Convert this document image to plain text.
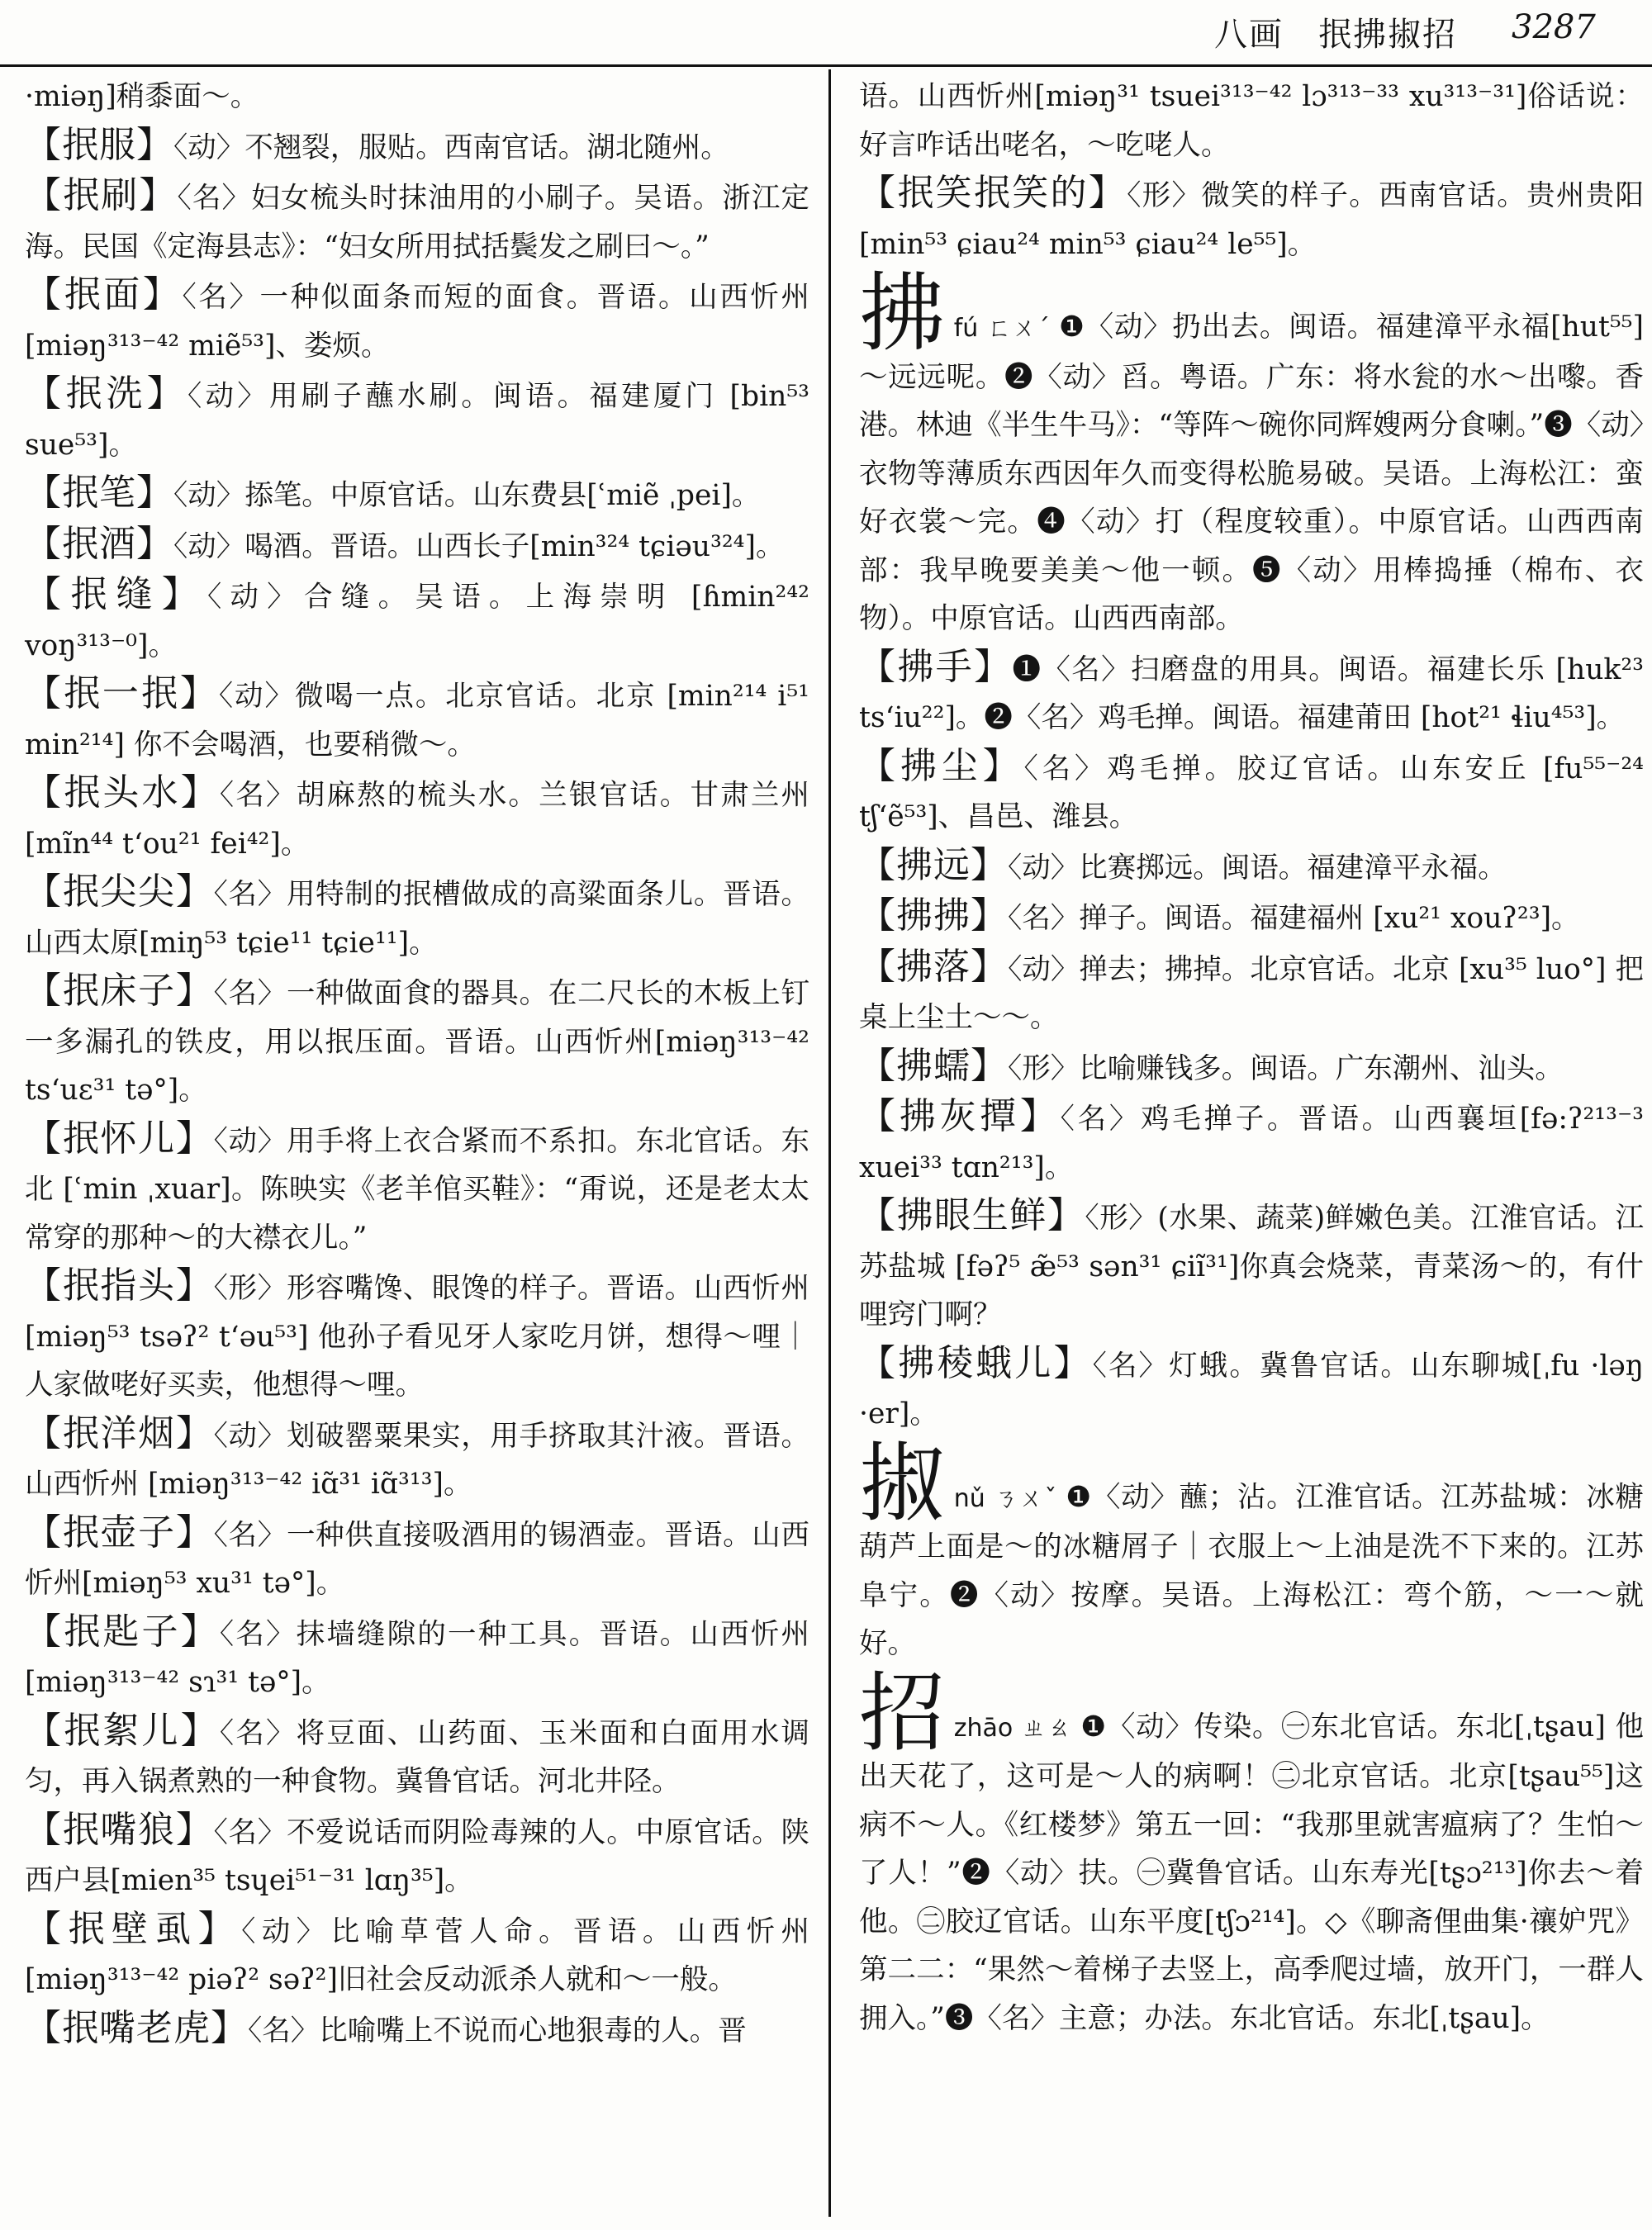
八画　抿拂掓招 3287

·miəŋ]稍黍面～。

【抿服】〈动〉不翘裂，服贴。西南官话。湖北随州。

【抿刷】〈名〉妇女梳头时抹油用的小刷子。吴语。浙江定海。民国《定海县志》：“妇女所用拭括鬓发之刷曰～。”

【抿面】〈名〉一种似面条而短的面食。晋语。山西忻州[miəŋ³¹³⁻⁴² miẽ⁵³]、娄烦。

【抿洗】〈动〉用刷子蘸水刷。闽语。福建厦门 [bin⁵³ sue⁵³]。

【抿笔】〈动〉掭笔。中原官话。山东费县[ʿmiẽ ˌpei]。

【抿酒】〈动〉喝酒。晋语。山西长子[min³²⁴ tɕiəu³²⁴]。

【抿缝】〈动〉合缝。吴语。上海崇明 [ɦmin²⁴² voŋ³¹³⁻⁰]。

【抿一抿】〈动〉微喝一点。北京官话。北京 [min²¹⁴ i⁵¹ min²¹⁴] 你不会喝酒，也要稍微～。

【抿头水】〈名〉胡麻熬的梳头水。兰银官话。甘肃兰州 [mĩn⁴⁴ tʻou²¹ fei⁴²]。

【抿尖尖】〈名〉用特制的抿槽做成的高粱面条儿。晋语。山西太原[miŋ⁵³ tɕie¹¹ tɕie¹¹]。

【抿床子】〈名〉一种做面食的器具。在二尺长的木板上钉一多漏孔的铁皮，用以抿压面。晋语。山西忻州[miəŋ³¹³⁻⁴² tsʻuɛ³¹ tə°]。

【抿怀儿】〈动〉用手将上衣合紧而不系扣。东北官话。东北 [ʿmin ˌxuar]。陈映实《老羊倌买鞋》：“甭说，还是老太太常穿的那种～的大襟衣儿。”

【抿指头】〈形〉形容嘴馋、眼馋的样子。晋语。山西忻州 [miəŋ⁵³ tsəʔ² tʻəu⁵³] 他孙子看见牙人家吃月饼，想得～哩｜人家做咾好买卖，他想得～哩。

【抿洋烟】〈动〉划破罂粟果实，用手挤取其汁液。晋语。山西忻州 [miəŋ³¹³⁻⁴² iɑ̃³¹ iɑ̃³¹³]。

【抿壶子】〈名〉一种供直接吸酒用的锡酒壶。晋语。山西忻州[miəŋ⁵³ xu³¹ tə°]。

【抿匙子】〈名〉抹墙缝隙的一种工具。晋语。山西忻州[miəŋ³¹³⁻⁴² sɿ³¹ tə°]。

【抿絮儿】〈名〉将豆面、山药面、玉米面和白面用水调匀，再入锅煮熟的一种食物。冀鲁官话。河北井陉。

【抿嘴狼】〈名〉不爱说话而阴险毒辣的人。中原官话。陕西户县[mien³⁵ tsɥei⁵¹⁻³¹ lɑŋ³⁵]。

【抿壁虱】〈动〉比喻草菅人命。晋语。山西忻州[miəŋ³¹³⁻⁴² piəʔ² səʔ²]旧社会反动派杀人就和～一般。

【抿嘴老虎】〈名〉比喻嘴上不说而心地狠毒的人。晋

语。山西忻州[miəŋ³¹ tsuei³¹³⁻⁴² lɔ³¹³⁻³³ xu³¹³⁻³¹]俗话说：好言咋话出咾名，～吃咾人。

【抿笑抿笑的】〈形〉微笑的样子。西南官话。贵州贵阳[min⁵³ ɕiau²⁴ min⁵³ ɕiau²⁴ le⁵⁵]。

拂fú ㄈㄨˊ ❶〈动〉扔出去。闽语。福建漳平永福[hut⁵⁵]～远远呢。❷〈动〉舀。粤语。广东：将水瓮的水～出嚟。香港。林迪《半生牛马》：“等阵～碗你同辉嫂两分食喇。”❸〈动〉衣物等薄质东西因年久而变得松脆易破。吴语。上海松江：蛮好衣裳～完。❹〈动〉打（程度较重）。中原官话。山西西南部：我早晚要美美～他一顿。❺〈动〉用棒捣捶（棉布、衣物）。中原官话。山西西南部。

【拂手】❶〈名〉扫磨盘的用具。闽语。福建长乐 [huk²³ tsʻiu²²]。❷〈名〉鸡毛掸。闽语。福建莆田 [hot²¹ ɬiu⁴⁵³]。

【拂尘】〈名〉鸡毛掸。胶辽官话。山东安丘 [fu⁵⁵⁻²⁴ tʃʻẽ⁵³]、昌邑、潍县。

【拂远】〈动〉比赛掷远。闽语。福建漳平永福。

【拂拂】〈名〉掸子。闽语。福建福州 [xu²¹ xouʔ²³]。

【拂落】〈动〉掸去；拂掉。北京官话。北京 [xu³⁵ luo°] 把桌上尘土～～。

【拂蠕】〈形〉比喻赚钱多。闽语。广东潮州、汕头。

【拂灰撢】〈名〉鸡毛掸子。晋语。山西襄垣[fə:ʔ²¹³⁻³ xuei³³ tɑn²¹³]。

【拂眼生鲜】〈形〉(水果、蔬菜)鲜嫩色美。江淮官话。江苏盐城 [fəʔ⁵ æ̃⁵³ sən³¹ ɕiĩ³¹]你真会烧菜，青菜汤～的，有什哩窍门啊？

【拂稜蛾儿】〈名〉灯蛾。冀鲁官话。山东聊城[ˌfu ·ləŋ ·er]。

掓nǔ ㄋㄨˇ ❶〈动〉蘸；沾。江淮官话。江苏盐城：冰糖葫芦上面是～的冰糖屑子｜衣服上～上油是洗不下来的。江苏阜宁。❷〈动〉按摩。吴语。上海松江：弯个筋，～一～就好。

招zhāo ㄓㄠ ❶〈动〉传染。㊀东北官话。东北[ˌtʂau] 他出天花了，这可是～人的病啊！㊁北京官话。北京[tʂau⁵⁵]这病不～人。《红楼梦》第五一回：“我那里就害瘟病了？生怕～了人！”❷〈动〉扶。㊀冀鲁官话。山东寿光[tʂɔ²¹³]你去～着他。㊁胶辽官话。山东平度[tʃɔ²¹⁴]。◇《聊斋俚曲集·禳妒咒》第二二：“果然～着梯子去竖上，高季爬过墙，放开门，一群人拥入。”❸〈名〉主意；办法。东北官话。东北[ˌtʂau]。
